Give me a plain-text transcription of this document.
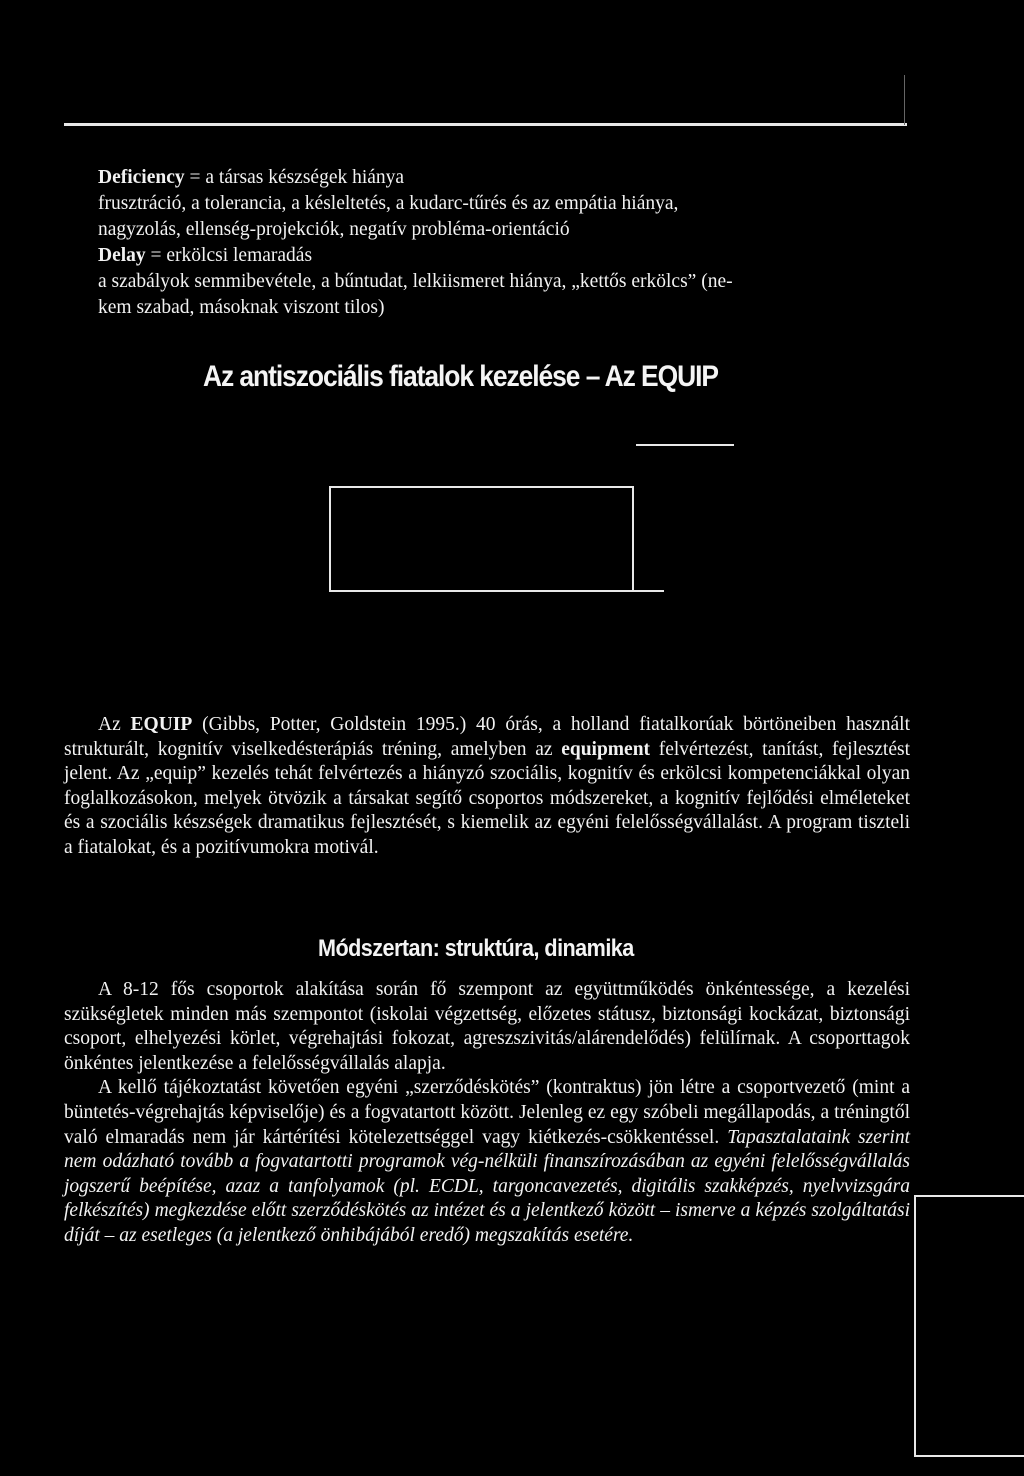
Deficiency = a társas készségek hiánya
frusztráció, a tolerancia, a késleltetés, a kudarc-tűrés és az empátia hiánya,
nagyzolás, ellenség-projekciók, negatív probléma-orientáció
Delay = erkölcsi lemaradás
a szabályok semmibevétele, a bűntudat, lelkiismeret hiánya, „kettős erkölcs” (ne-
kem szabad, másoknak viszont tilos)
Az antiszociális fiatalok kezelése – Az EQUIP

Az EQUIP (Gibbs, Potter, Goldstein 1995.) 40 órás, a holland fiatalkorúak börtöneiben használt strukturált, kognitív viselkedésterápiás tréning, amelyben az equipment felvértezést, tanítást, fejlesztést jelent. Az „equip” kezelés tehát felvértezés a hiányzó szociális, kognitív és erkölcsi kompetenciákkal olyan foglalkozásokon, melyek ötvözik a társakat segítő csoportos módszereket, a kognitív fejlődési elméleteket és a szociális készségek dramatikus fejlesztését, s kiemelik az egyéni felelősségvállalást. A program tiszteli a fiatalokat, és a pozitívumokra motivál.

Módszertan: struktúra, dinamika

A 8-12 fős csoportok alakítása során fő szempont az együttműködés önkéntessége, a kezelési szükségletek minden más szempontot (iskolai végzettség, előzetes státusz, biztonsági kockázat, biztonsági csoport, elhelyezési körlet, végrehajtási fokozat, agreszszivitás/alárendelődés) felülírnak. A csoporttagok önkéntes jelentkezése a felelősségvállalás alapja.

A kellő tájékoztatást követően egyéni „szerződéskötés” (kontraktus) jön létre a csoportvezető (mint a büntetés-végrehajtás képviselője) és a fogvatartott között. Jelenleg ez egy szóbeli megállapodás, a tréningtől való elmaradás nem jár kártérítési kötelezettséggel vagy kiétkezés-csökkentéssel. Tapasztalataink szerint nem odázható tovább a fogvatartotti programok vég-nélküli finanszírozásában az egyéni felelősségvállalás jogszerű beépítése, azaz a tanfolyamok (pl. ECDL, targoncavezetés, digitális szakképzés, nyelvvizsgára felkészítés) megkezdése előtt szerződéskötés az intézet és a jelentkező között – ismerve a képzés szolgáltatási díját – az esetleges (a jelentkező önhibájából eredő) megszakítás esetére.
